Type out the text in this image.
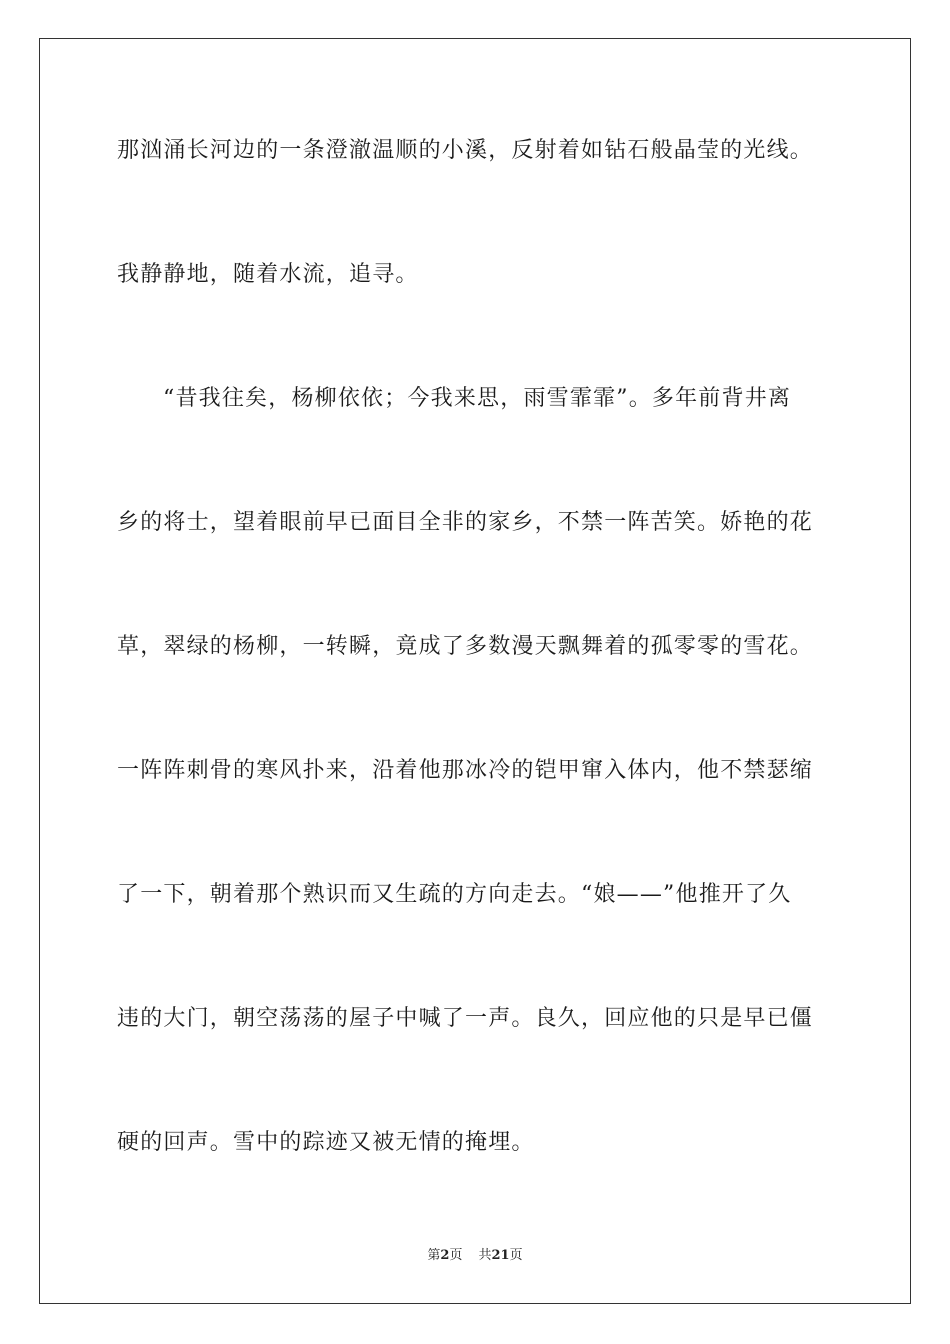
那汹涌长河边的一条澄澈温顺的小溪，反射着如钻石般晶莹的光线。
我静静地，随着水流，追寻。
“昔我往矣，杨柳依依；今我来思，雨雪霏霏”。多年前背井离
乡的将士，望着眼前早已面目全非的家乡，不禁一阵苦笑。娇艳的花
草，翠绿的杨柳，一转瞬，竟成了多数漫天飘舞着的孤零零的雪花。
一阵阵刺骨的寒风扑来，沿着他那冰冷的铠甲窜入体内，他不禁瑟缩
了一下，朝着那个熟识而又生疏的方向走去。“娘——”他推开了久
违的大门，朝空荡荡的屋子中喊了一声。良久，回应他的只是早已僵
硬的回声。雪中的踪迹又被无情的掩埋。
第2页 共21页
